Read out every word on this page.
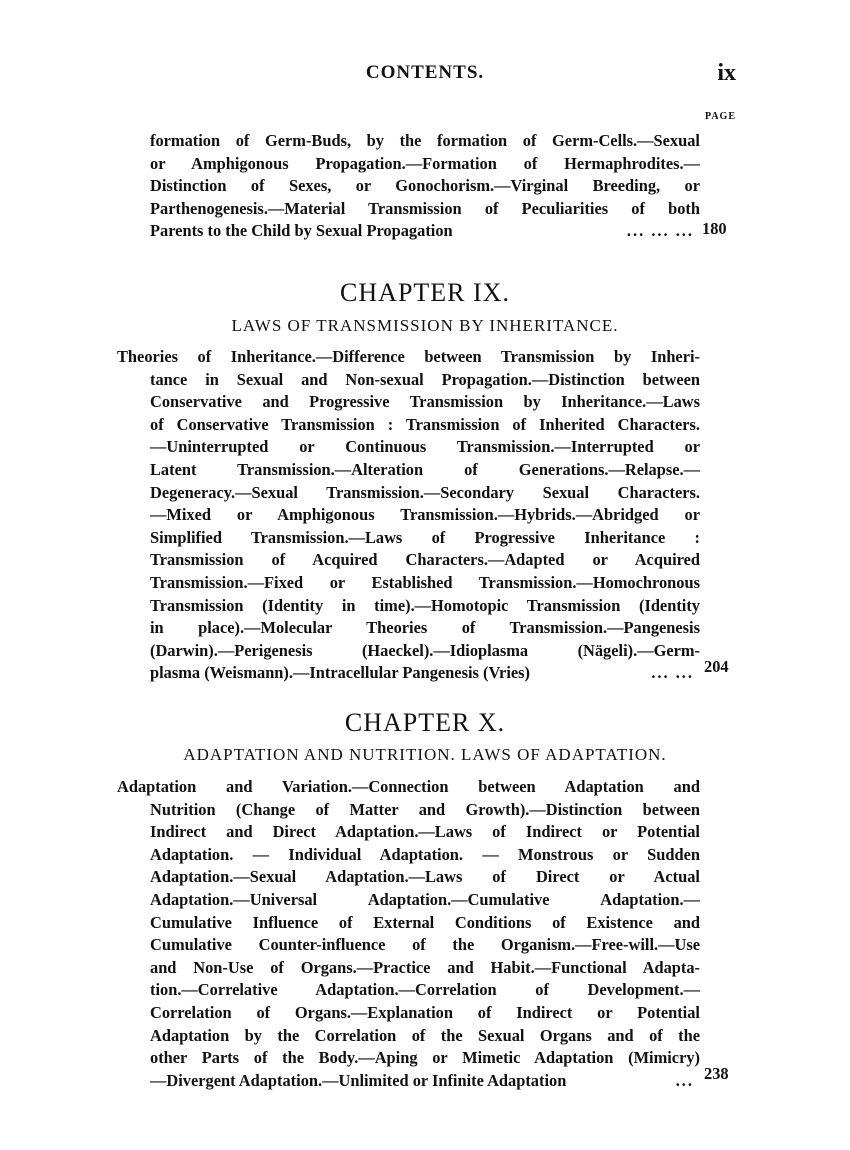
CONTENTS.	ix
PAGE
formation of Germ-Buds, by the formation of Germ-Cells.—Sexual
or Amphigonous Propagation.—Formation of Hermaphrodites.—
Distinction of Sexes, or Gonochorism.—Virginal Breeding, or
Parthenogenesis.—Material Transmission of Peculiarities of both
Parents to the Child by Sexual Propagation	... ... ... 180
CHAPTER IX.
LAWS OF TRANSMISSION BY INHERITANCE.
Theories of Inheritance.—Difference between Transmission by Inheri-
tance in Sexual and Non-sexual Propagation.—Distinction between
Conservative and Progressive Transmission by Inheritance.—Laws
of Conservative Transmission : Transmission of Inherited Characters.
—Uninterrupted or Continuous Transmission.—Interrupted or
Latent Transmission.—Alteration of Generations.—Relapse.—
Degeneracy.—Sexual Transmission.—Secondary Sexual Characters.
—Mixed or Amphigonous Transmission.—Hybrids.—Abridged or
Simplified Transmission.—Laws of Progressive Inheritance :
Transmission of Acquired Characters.—Adapted or Acquired
Transmission.—Fixed or Established Transmission.—Homochronous
Transmission (Identity in time).—Homotopic Transmission (Identity
in place).—Molecular Theories of Transmission.—Pangenesis
(Darwin).—Perigenesis (Haeckel).—Idioplasma (Nägeli).—Germ-
plasma (Weismann).—Intracellular Pangenesis (Vries)	... ... 204
CHAPTER X.
ADAPTATION AND NUTRITION. LAWS OF ADAPTATION.
Adaptation and Variation.—Connection between Adaptation and
Nutrition (Change of Matter and Growth).—Distinction between
Indirect and Direct Adaptation.—Laws of Indirect or Potential
Adaptation. — Individual Adaptation. — Monstrous or Sudden
Adaptation.—Sexual Adaptation.—Laws of Direct or Actual
Adaptation.—Universal Adaptation.—Cumulative Adaptation.—
Cumulative Influence of External Conditions of Existence and
Cumulative Counter-influence of the Organism.—Free-will.—Use
and Non-Use of Organs.—Practice and Habit.—Functional Adapta-
tion.—Correlative Adaptation.—Correlation of Development.—
Correlation of Organs.—Explanation of Indirect or Potential
Adaptation by the Correlation of the Sexual Organs and of the
other Parts of the Body.—Aping or Mimetic Adaptation (Mimicry)
—Divergent Adaptation.—Unlimited or Infinite Adaptation	... 238
